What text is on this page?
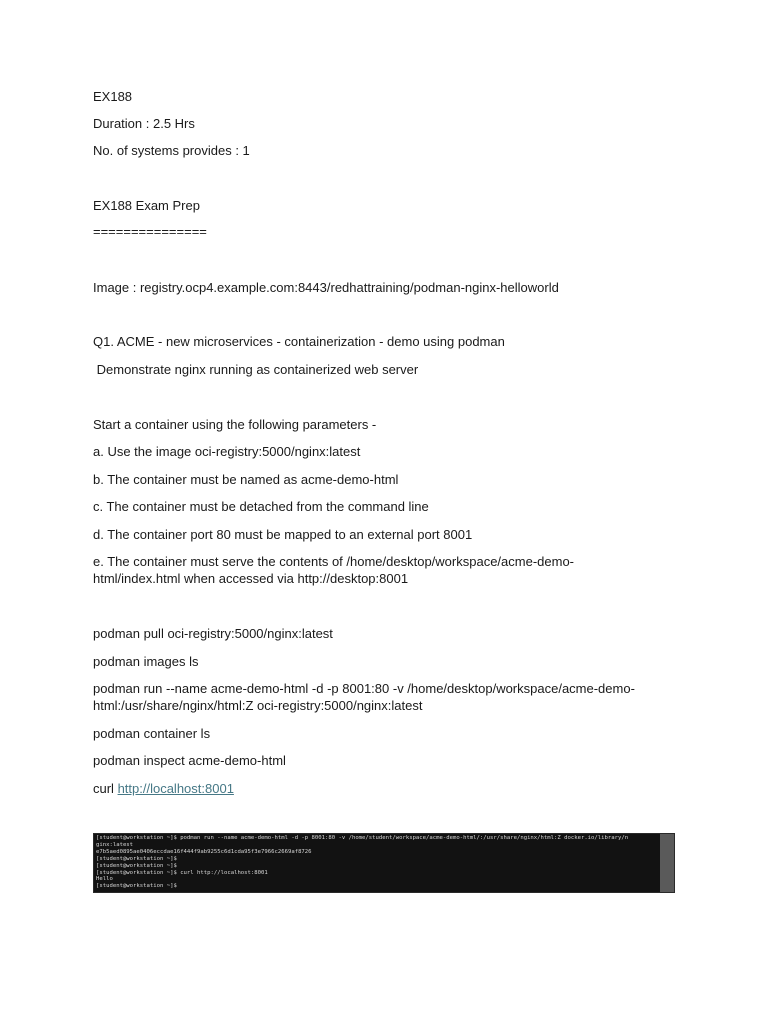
EX188
Duration : 2.5 Hrs
No. of systems provides : 1
EX188 Exam Prep
===============
Image : registry.ocp4.example.com:8443/redhattraining/podman-nginx-helloworld
Q1. ACME - new microservices - containerization - demo using podman
Demonstrate nginx running as containerized web server
Start a container using the following parameters -
a. Use the image oci-registry:5000/nginx:latest
b. The container must be named as acme-demo-html
c. The container must be detached from the command line
d. The container port 80 must be mapped to an external port 8001
e. The container must serve the contents of /home/desktop/workspace/acme-demo-html/index.html when accessed via http://desktop:8001
podman pull oci-registry:5000/nginx:latest
podman images ls
podman run --name acme-demo-html -d -p 8001:80 -v /home/desktop/workspace/acme-demo-html:/usr/share/nginx/html:Z oci-registry:5000/nginx:latest
podman container ls
podman inspect acme-demo-html
curl http://localhost:8001
[student@workstation ~]$ podman run --name acme-demo-html -d -p 8001:80 -v /home/student/workspace/acme-demo-html/:/usr/share/nginx/html:Z docker.io/library/n
ginx:latest
e7b5aed0895ae0406eccdae16f444f9ab9255c6d1cda95f3e7966c2669af8726
[student@workstation ~]$
[student@workstation ~]$
[student@workstation ~]$ curl http://localhost:8001
Hello
[student@workstation ~]$
